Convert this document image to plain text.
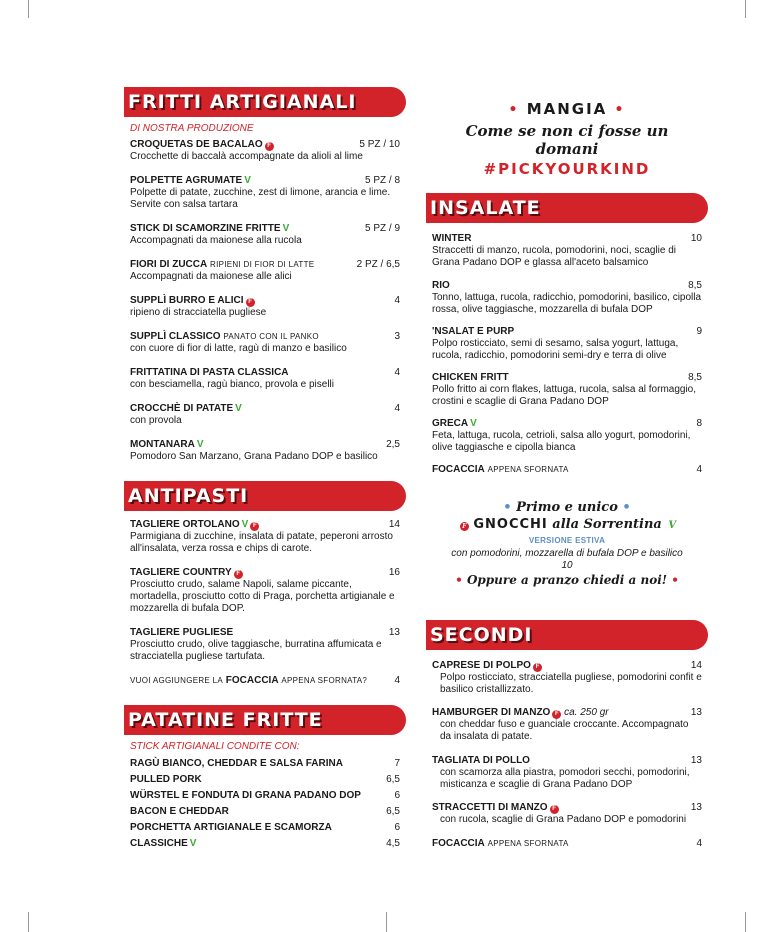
FRITTI ARTIGIANALI
DI NOSTRA PRODUZIONE
CROQUETAS DE BACALAO F	5 PZ / 10
Crocchette di baccalà accompagnate da alioli al lime
POLPETTE AGRUMATE V	5 PZ / 8
Polpette di patate, zucchine, zest di limone, arancia e lime. Servite con salsa tartara
STICK DI SCAMORZINE FRITTE V	5 PZ / 9
Accompagnati da maionese alla rucola
FIORI DI ZUCCA RIPIENI DI FIOR DI LATTE	2 PZ / 6,5
Accompagnati da maionese alle alici
SUPPLÌ BURRO E ALICI F	4
ripieno di stracciatella pugliese
SUPPLÌ CLASSICO PANATO CON IL PANKO	3
con cuore di fior di latte, ragù di manzo e basilico
FRITTATINA DI PASTA CLASSICA	4
con besciamella, ragù bianco, provola e piselli
CROCCHÈ DI PATATE V	4
con provola
MONTANARA V	2,5
Pomodoro San Marzano, Grana Padano DOP e basilico
ANTIPASTI
TAGLIERE ORTOLANO V F	14
Parmigiana di zucchine, insalata di patate, peperoni arrosto all'insalata, verza rossa e chips di carote.
TAGLIERE COUNTRY F	16
Prosciutto crudo, salame Napoli, salame piccante, mortadella, prosciutto cotto di Praga, porchetta artigianale e mozzarella di bufala DOP.
TAGLIERE PUGLIESE	13
Prosciutto crudo, olive taggiasche, burratina affumicata e stracciatella pugliese tartufata.
VUOI AGGIUNGERE LA FOCACCIA APPENA SFORNATA?	4
PATATINE FRITTE
STICK ARTIGIANALI CONDITE CON:
RAGÙ BIANCO, CHEDDAR E SALSA FARINA	7
PULLED PORK	6,5
WÜRSTEL E FONDUTA DI GRANA PADANO DOP	6
BACON E CHEDDAR	6,5
PORCHETTA ARTIGIANALE E SCAMORZA	6
CLASSICHE V	4,5
• MANGIA •
Come se non ci fosse un domani
#PICKYOURKIND
INSALATE
WINTER	10
Straccetti di manzo, rucola, pomodorini, noci, scaglie di Grana Padano DOP e glassa all'aceto balsamico
RIO	8,5
Tonno, lattuga, rucola, radicchio, pomodorini, basilico, cipolla rossa, olive taggiasche, mozzarella di bufala DOP
'NSALAT E PURP	9
Polpo rosticciato, semi di sesamo, salsa yogurt, lattuga, rucola, radicchio, pomodorini semi-dry e terra di olive
CHICKEN FRITT	8,5
Pollo fritto ai corn flakes, lattuga, rucola, salsa al formaggio, crostini e scaglie di Grana Padano DOP
GRECA V	8
Feta, lattuga, rucola, cetrioli, salsa allo yogurt, pomodorini, olive taggiasche e cipolla bianca
FOCACCIA APPENA SFORNATA	4
SECONDI
CAPRESE DI POLPO F	14
Polpo rosticciato, stracciatella pugliese, pomodorini confit e basilico cristallizzato.
HAMBURGER DI MANZO F ca. 250 gr	13
con cheddar fuso e guanciale croccante. Accompagnato da insalata di patate.
TAGLIATA DI POLLO	13
con scamorza alla piastra, pomodori secchi, pomodorini, misticanza e scaglie di Grana Padano DOP
STRACCETTI DI MANZO F	13
con rucola, scaglie di Grana Padano DOP e pomodorini
FOCACCIA APPENA SFORNATA	4
• Primo e unico •
F GNOCCHI alla Sorrentina V
VERSIONE ESTIVA
con pomodorini, mozzarella di bufala DOP e basilico
10
• Oppure a pranzo chiedi a noi! •
